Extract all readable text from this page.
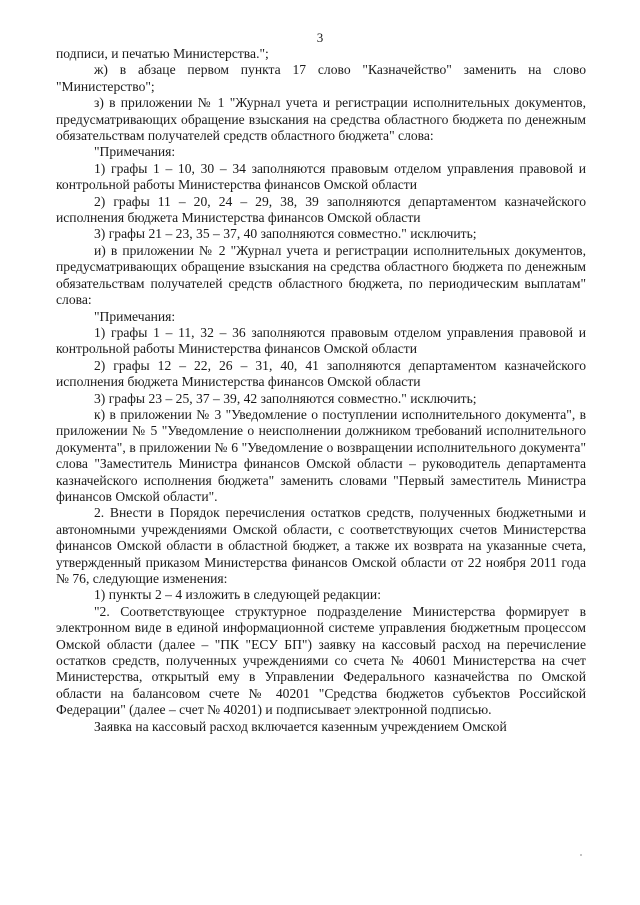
3

подписи, и печатью Министерства.";

ж) в абзаце первом пункта 17 слово "Казначейство" заменить на слово "Министерство";

з) в приложении № 1 "Журнал учета и регистрации исполнительных документов, предусматривающих обращение взыскания на средства областного бюджета по денежным обязательствам получателей средств областного бюджета" слова:

"Примечания:

1) графы 1 – 10, 30 – 34 заполняются правовым отделом управления правовой и контрольной работы Министерства финансов Омской области

2) графы 11 – 20, 24 – 29, 38, 39 заполняются департаментом казначейского исполнения бюджета Министерства финансов Омской области

3) графы 21 – 23, 35 – 37, 40 заполняются совместно." исключить;

и) в приложении № 2 "Журнал учета и регистрации исполнительных документов, предусматривающих обращение взыскания на средства областного бюджета по денежным обязательствам получателей средств областного бюджета, по периодическим выплатам" слова:

"Примечания:

1) графы 1 – 11, 32 – 36 заполняются правовым отделом управления правовой и контрольной работы Министерства финансов Омской области

2) графы 12 – 22, 26 – 31, 40, 41 заполняются департаментом казначейского исполнения бюджета Министерства финансов Омской области

3) графы 23 – 25, 37 – 39, 42 заполняются совместно." исключить;

к) в приложении № 3 "Уведомление о поступлении исполнительного документа", в приложении № 5 "Уведомление о неисполнении должником требований исполнительного документа", в приложении № 6 "Уведомление о возвращении исполнительного документа" слова "Заместитель Министра финансов Омской области – руководитель департамента казначейского исполнения бюджета" заменить словами "Первый заместитель Министра финансов Омской области".

2. Внести в Порядок перечисления остатков средств, полученных бюджетными и автономными учреждениями Омской области, с соответствующих счетов Министерства финансов Омской области в областной бюджет, а также их возврата на указанные счета, утвержденный приказом Министерства финансов Омской области от 22 ноября 2011 года № 76, следующие изменения:

1) пункты 2 – 4 изложить в следующей редакции:

"2. Соответствующее структурное подразделение Министерства формирует в электронном виде в единой информационной системе управления бюджетным процессом Омской области (далее – "ПК "ЕСУ БП") заявку на кассовый расход на перечисление остатков средств, полученных учреждениями со счета № 40601 Министерства на счет Министерства, открытый ему в Управлении Федерального казначейства по Омской области на балансовом счете № 40201 "Средства бюджетов субъектов Российской Федерации" (далее – счет № 40201) и подписывает электронной подписью.

Заявка на кассовый расход включается казенным учреждением Омской
